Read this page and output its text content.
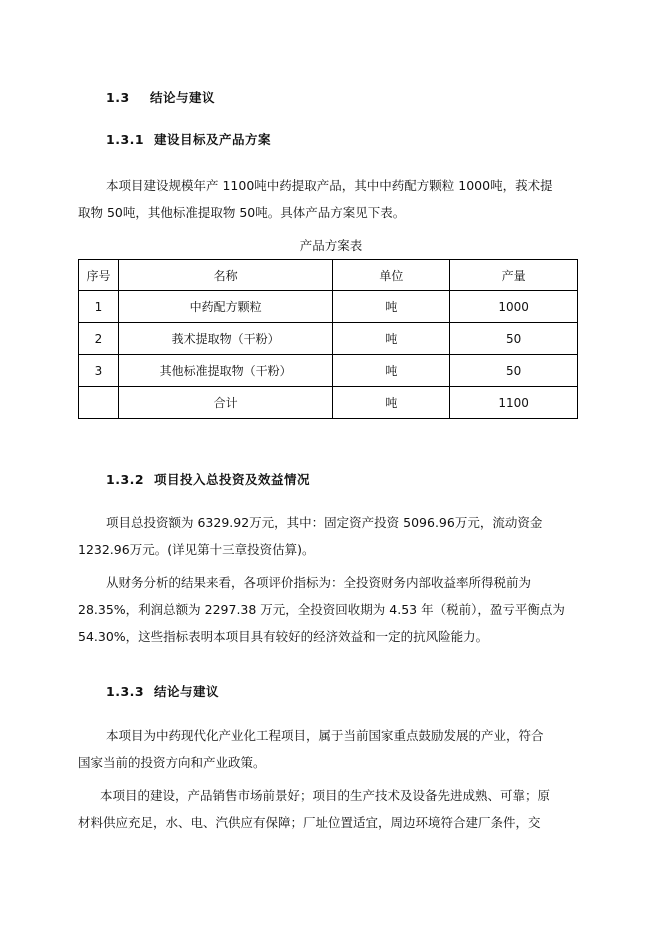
1.3 结论与建议
1.3.1 建设目标及产品方案
本项目建设规模年产 1100吨中药提取产品，其中中药配方颗粒 1000吨，莪术提
取物 50吨，其他标准提取物 50吨。具体产品方案见下表。
产品方案表
序号	名称	单位	产量
1	中药配方颗粒	吨	1000
2	莪术提取物（干粉）	吨	50
3	其他标准提取物（干粉）	吨	50
	合计	吨	1100
1.3.2 项目投入总投资及效益情况
项目总投资额为 6329.92万元，其中：固定资产投资 5096.96万元，流动资金
1232.96万元。(详见第十三章投资估算)。
从财务分析的结果来看，各项评价指标为：全投资财务内部收益率所得税前为
28.35%，利润总额为 2297.38 万元，全投资回收期为 4.53 年（税前），盈亏平衡点为
54.30%，这些指标表明本项目具有较好的经济效益和一定的抗风险能力。
1.3.3 结论与建议
本项目为中药现代化产业化工程项目，属于当前国家重点鼓励发展的产业，符合
国家当前的投资方向和产业政策。
本项目的建设，产品销售市场前景好；项目的生产技术及设备先进成熟、可靠；原
材料供应充足，水、电、汽供应有保障；厂址位置适宜，周边环境符合建厂条件，交
